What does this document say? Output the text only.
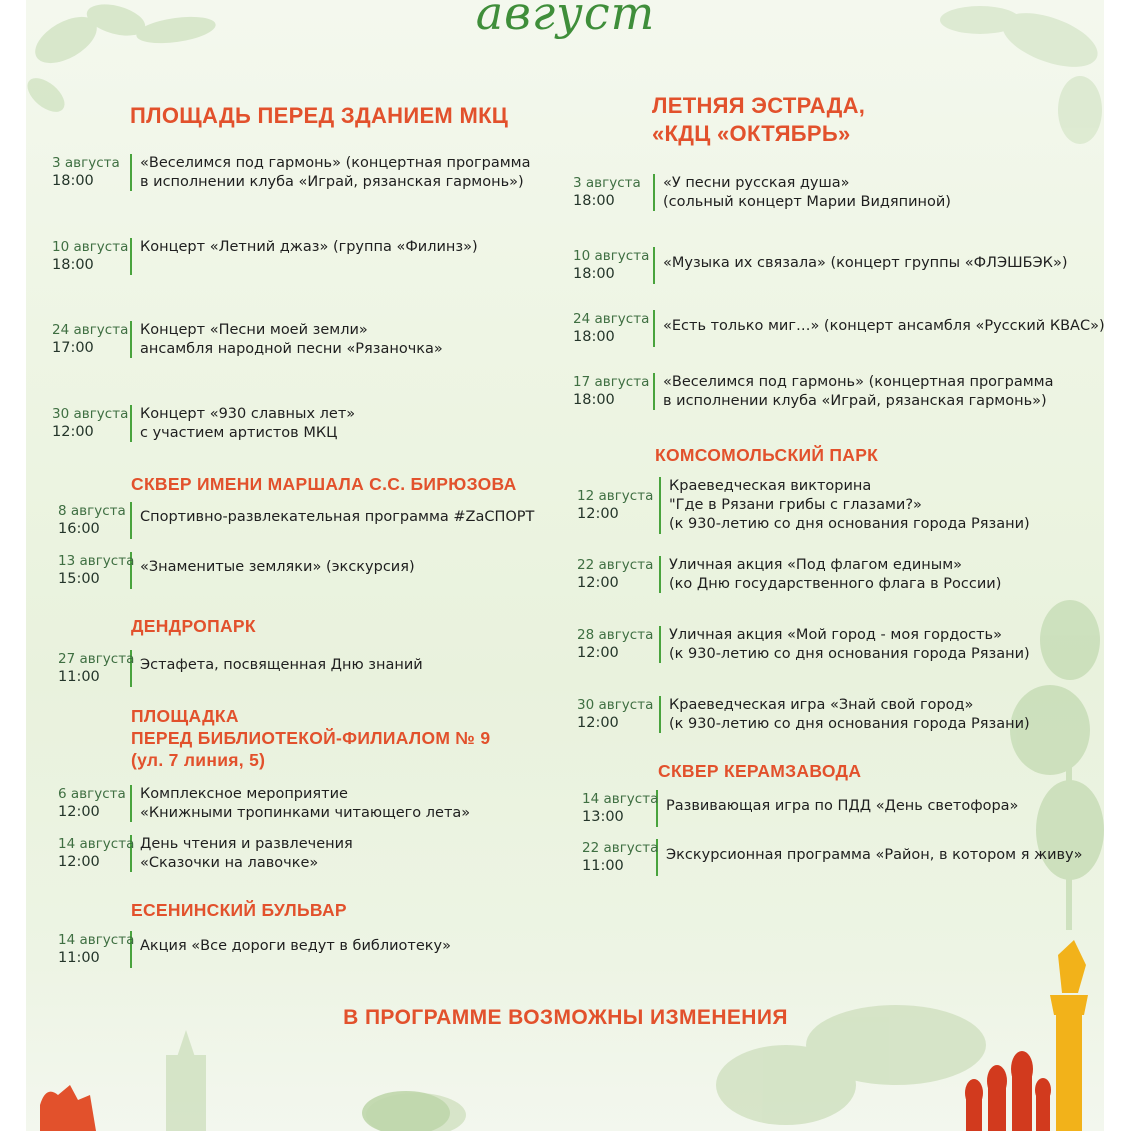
август
ПЛОЩАДЬ ПЕРЕД ЗДАНИЕМ МКЦ
3 августа
18:00
«Веселимся под гармонь» (концертная программа
в исполнении клуба «Играй, рязанская гармонь»)
10 августа
18:00
Концерт «Летний джаз» (группа «Филинз»)
24 августа
17:00
Концерт «Песни моей земли»
ансамбля народной песни «Рязаночка»
30 августа
12:00
Концерт «930 славных лет»
с участием артистов МКЦ
СКВЕР ИМЕНИ МАРШАЛА С.С. БИРЮЗОВА
8 августа
16:00
Спортивно-развлекательная программа #ZaСПОРТ
13 августа
15:00
«Знаменитые земляки» (экскурсия)
ДЕНДРОПАРК
27 августа
11:00
Эстафета, посвященная Дню знаний
ПЛОЩАДКА
ПЕРЕД БИБЛИОТЕКОЙ-ФИЛИАЛОМ № 9
(ул. 7 линия, 5)
6 августа
12:00
Комплексное мероприятие
«Книжными тропинками читающего лета»
14 августа
12:00
День чтения и развлечения
«Сказочки на лавочке»
ЕСЕНИНСКИЙ БУЛЬВАР
14 августа
11:00
Акция «Все дороги ведут в библиотеку»
ЛЕТНЯЯ ЭСТРАДА,
«КДЦ «ОКТЯБРЬ»
3 августа
18:00
«У песни русская душа»
(сольный концерт Марии Видяпиной)
10 августа
18:00
«Музыка их связала» (концерт группы «ФЛЭШБЭК»)
24 августа
18:00
«Есть только миг…» (концерт ансамбля «Русский КВАС»)
17 августа
18:00
«Веселимся под гармонь» (концертная программа
в исполнении клуба «Играй, рязанская гармонь»)
КОМСОМОЛЬСКИЙ ПАРК
12 августа
12:00
Краеведческая викторина
"Где в Рязани грибы с глазами?»
(к 930-летию со дня основания города Рязани)
22 августа
12:00
Уличная акция «Под флагом единым»
(ко Дню государственного флага в России)
28 августа
12:00
Уличная акция «Мой город - моя гордость»
(к 930-летию со дня основания города Рязани)
30 августа
12:00
Краеведческая игра «Знай свой город»
(к 930-летию со дня основания города Рязани)
СКВЕР КЕРАМЗАВОДА
14 августа
13:00
Развивающая игра по ПДД «День светофора»
22 августа
11:00
Экскурсионная программа «Район, в котором я живу»
В ПРОГРАММЕ ВОЗМОЖНЫ ИЗМЕНЕНИЯ
